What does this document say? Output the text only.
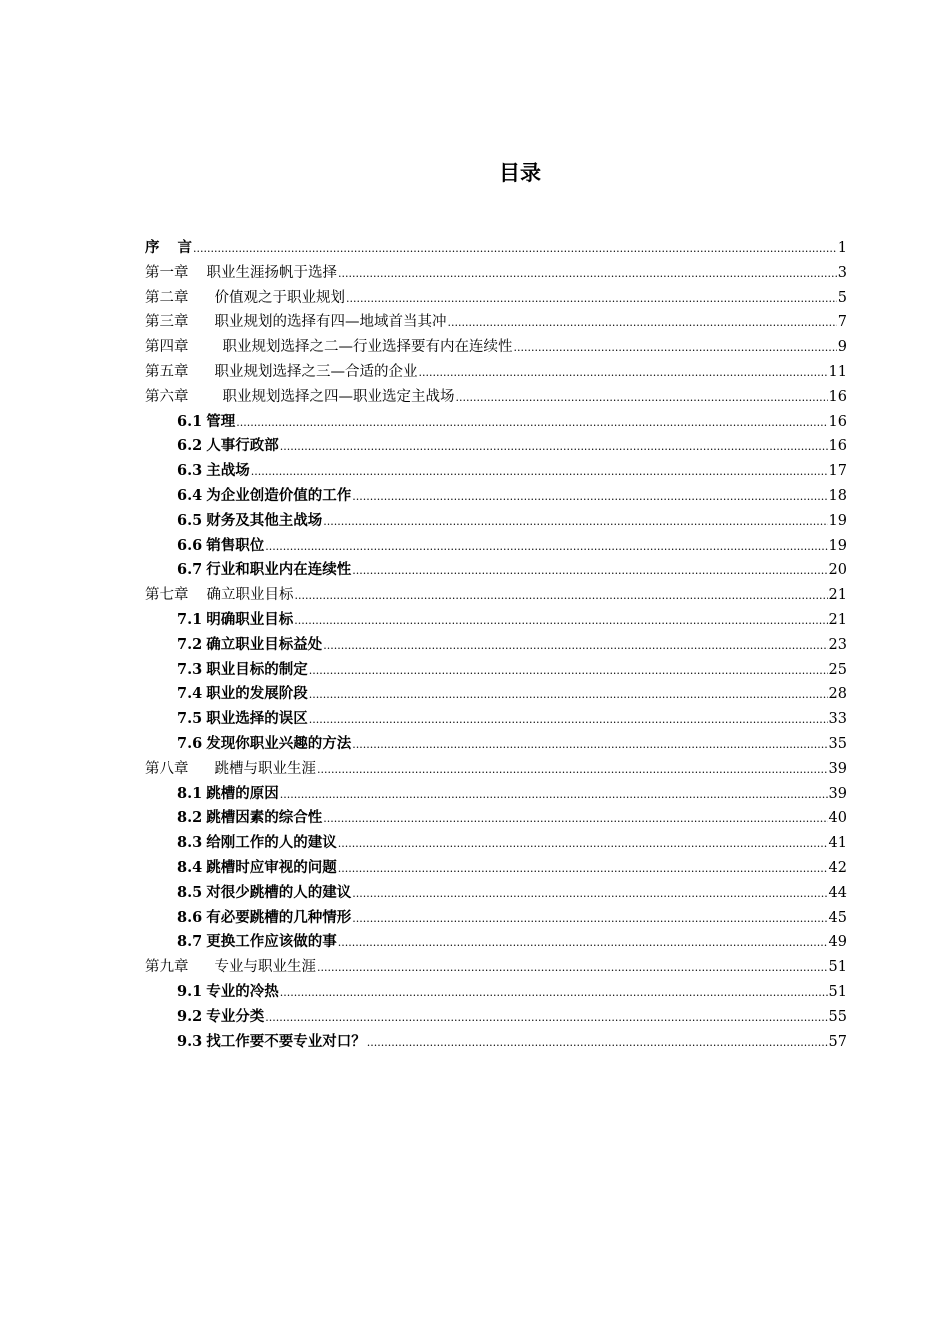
目录
序 言 .....	1
第一章 职业生涯扬帆于选择 .....	3
第二章 价值观之于职业规划 .....	5
第三章 职业规划的选择有四—地域首当其冲 .....	7
第四章 职业规划选择之二—行业选择要有内在连续性 .....	9
第五章 职业规划选择之三—合适的企业 .....	11
第六章 职业规划选择之四—职业选定主战场 .....	16
6.1 管理 .....	16
6.2 人事行政部 .....	16
6.3 主战场 .....	17
6.4 为企业创造价值的工作 .....	18
6.5 财务及其他主战场 .....	19
6.6 销售职位 .....	19
6.7 行业和职业内在连续性 .....	20
第七章 确立职业目标 .....	21
7.1 明确职业目标 .....	21
7.2 确立职业目标益处 .....	23
7.3 职业目标的制定 .....	25
7.4 职业的发展阶段 .....	28
7.5 职业选择的误区 .....	33
7.6 发现你职业兴趣的方法 .....	35
第八章 跳槽与职业生涯 .....	39
8.1 跳槽的原因 .....	39
8.2 跳槽因素的综合性 .....	40
8.3 给刚工作的人的建议 .....	41
8.4 跳槽时应审视的问题 .....	42
8.5 对很少跳槽的人的建议 .....	44
8.6 有必要跳槽的几种情形 .....	45
8.7 更换工作应该做的事 .....	49
第九章 专业与职业生涯 .....	51
9.1 专业的冷热 .....	51
9.2 专业分类 .....	55
9.3 找工作要不要专业对口？ .....	57
